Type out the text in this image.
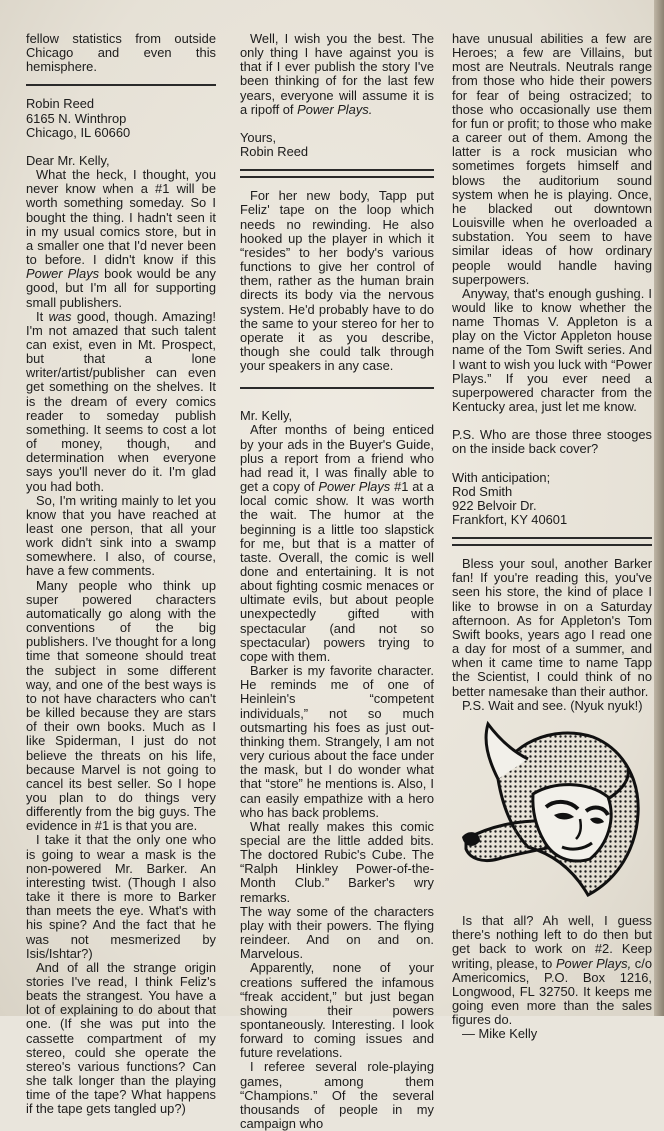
fellow statistics from outside Chicago and even this hemisphere.

Robin Reed

6165 N. Winthrop

Chicago, IL 60660

Dear Mr. Kelly,

What the heck, I thought, you never know when a #1 will be worth something someday. So I bought the thing. I hadn't seen it in my usual comics store, but in a smaller one that I'd never been to before. I didn't know if this Power Plays book would be any good, but I'm all for supporting small publishers.

It was good, though. Amazing! I'm not amazed that such talent can exist, even in Mt. Prospect, but that a lone writer/artist/publisher can even get something on the shelves. It is the dream of every comics reader to someday publish something. It seems to cost a lot of money, though, and determination when everyone says you'll never do it. I'm glad you had both.

So, I'm writing mainly to let you know that you have reached at least one person, that all your work didn't sink into a swamp somewhere. I also, of course, have a few comments.

Many people who think up super powered characters automatically go along with the conventions of the big publishers. I've thought for a long time that someone should treat the subject in some different way, and one of the best ways is to not have characters who can't be killed because they are stars of their own books. Much as I like Spiderman, I just do not believe the threats on his life, because Marvel is not going to cancel its best seller. So I hope you plan to do things very differently from the big guys. The evidence in #1 is that you are.

I take it that the only one who is going to wear a mask is the non-powered Mr. Barker. An interesting twist. (Though I also take it there is more to Barker than meets the eye. What's with his spine? And the fact that he was not mesmerized by Isis/Ishtar?)

And of all the strange origin stories I've read, I think Feliz's beats the strangest. You have a lot of explaining to do about that one. (If she was put into the cassette compartment of my stereo, could she operate the stereo's various functions? Can she talk longer than the playing time of the tape? What happens if the tape gets tangled up?)

Well, I wish you the best. The only thing I have against you is that if I ever publish the story I've been thinking of for the last few years, everyone will assume it is a ripoff of Power Plays.

Yours,

Robin Reed

For her new body, Tapp put Feliz' tape on the loop which needs no rewinding. He also hooked up the player in which it “resides” to her body's various functions to give her control of them, rather as the human brain directs its body via the nervous system. He'd probably have to do the same to your stereo for her to operate it as you describe, though she could talk through your speakers in any case.

Mr. Kelly,

After months of being enticed by your ads in the Buyer's Guide, plus a report from a friend who had read it, I was finally able to get a copy of Power Plays #1 at a local comic show. It was worth the wait. The humor at the beginning is a little too slapstick for me, but that is a matter of taste. Overall, the comic is well done and entertaining. It is not about fighting cosmic menaces or ultimate evils, but about people unexpectedly gifted with spectacular (and not so spectacular) powers trying to cope with them.

Barker is my favorite character. He reminds me of one of Heinlein's “competent individuals,” not so much outsmarting his foes as just out-thinking them. Strangely, I am not very curious about the face under the mask, but I do wonder what that “store” he mentions is. Also, I can easily empathize with a hero who has back problems.

What really makes this comic special are the little added bits. The doctored Rubic's Cube. The “Ralph Hinkley Power-of-the-Month Club.” Barker's wry remarks.

The way some of the characters play with their powers. The flying reindeer. And on and on. Marvelous.

Apparently, none of your creations suffered the infamous “freak accident,” but just began showing their powers spontaneously. Interesting. I look forward to coming issues and future revelations.

I referee several role-playing games, among them “Champions.” Of the several thousands of people in my campaign who

have unusual abilities a few are Heroes; a few are Villains, but most are Neutrals. Neutrals range from those who hide their powers for fear of being ostracized; to those who occasionally use them for fun or profit; to those who make a career out of them. Among the latter is a rock musician who sometimes forgets himself and blows the auditorium sound system when he is playing. Once, he blacked out downtown Louisville when he overloaded a substation. You seem to have similar ideas of how ordinary people would handle having superpowers.

Anyway, that's enough gushing. I would like to know whether the name Thomas V. Appleton is a play on the Victor Appleton house name of the Tom Swift series. And I want to wish you luck with “Power Plays.” If you ever need a superpowered character from the Kentucky area, just let me know.

P.S. Who are those three stooges on the inside back cover?

With anticipation;

Rod Smith

922 Belvoir Dr.

Frankfort, KY 40601

Bless your soul, another Barker fan! If you're reading this, you've seen his store, the kind of place I like to browse in on a Saturday afternoon. As for Appleton's Tom Swift books, years ago I read one a day for most of a summer, and when it came time to name Tapp the Scientist, I could think of no better namesake than their author.

P.S. Wait and see. (Nyuk nyuk!)

Is that all? Ah well, I guess there's nothing left to do then but get back to work on #2. Keep writing, please, to Power Plays, c/o Americomics, P.O. Box 1216, Longwood, FL 32750. It keeps me going even more than the sales figures do.

— Mike Kelly
